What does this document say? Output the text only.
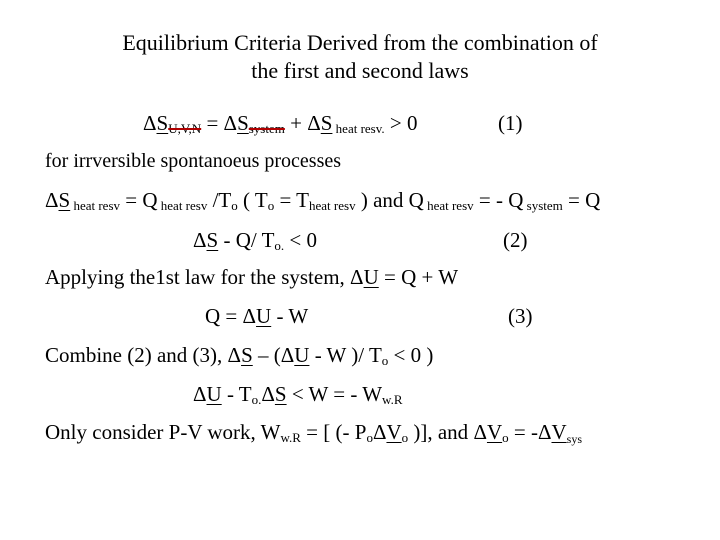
Equilibrium Criteria Derived from the combination of
the first and second laws
$\Delta S_{U,V,N} = \Delta S_{system} + \Delta S$ $_{heat resv.}$ > 0	(1)
for irrversible spontanoeus processes
ΔS $_{heat resv}$ = Q $_{heat resv}$ $/T_o$ ( $T_o = T_{heat resv}$ ) and Q $_{heat resv}$ = - Q $_{system}$ = Q
ΔS - Q/ $T_{o.} < 0$	(2)
Applying the1st law for the system, ΔU = Q + W
Q = ΔU - W	(3)
Combine (2) and (3), ΔS – (ΔU - W )/ $T_o < 0$ )
$\Delta U - T_{o.}\Delta S < W$ = - $W_{w.R}$
Only consider P-V work, $W_{w.R}$ = [ (- $P_o\Delta V_o$ )], and $\Delta V_o$ = -ΔVsys
